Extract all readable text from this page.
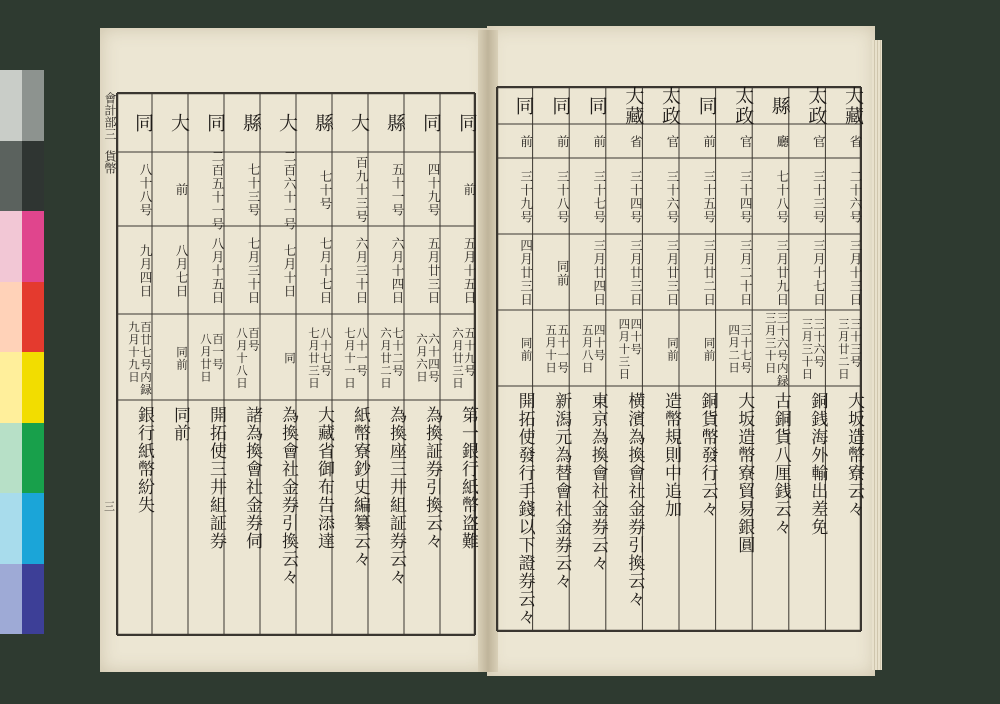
會計部三
貨幣
三
同
前
五月十五日
五十九号
六月廿三日
第一銀行紙幣盗難
同
四十九号
五月廿三日
六十四号
六月六日
為換証券引換云々
縣
五十一号
六月十四日
七十二号
六月廿二日
為換座三井組証券云々
大
百九十三号
六月三十日
八十一号
七月十一日
紙幣寮鈔史編纂云々
縣
七十号
七月十七日
八十七号
七月廿三日
大藏省御布告添達
大
二百六十一号
七月十日
同
為換會社金券引換云々
縣
七十三号
七月三十日
百号
八月十八日
諸為換會社金券伺
同
二百五十一号
八月十五日
百一号
八月廿日
開拓使三井組証券
大
前
八月七日
同前
同前
同
八十八号
九月四日
百廿七号内録
九月十九日
銀行紙幣紛失
大藏
省
二十六号
三月十三日
三十三号
三月廿二日
大坂造幣寮云々
太政
官
三十三号
三月十七日
三十六号
三月三十日
銅銭海外輸出差免
縣
廳
七十八号
三月廿九日
三十六号内録
三月三十日
古銅貨八厘銭云々
太政
官
三十四号
三月二十日
三十七号
四月二日
大坂造幣寮貿易銀圓
同
前
三十五号
三月廿二日
同前
銅貨幣發行云々
太政
官
三十六号
三月廿三日
同前
造幣規則中追加
大藏
省
三十四号
三月廿三日
四十号
四月十三日
横濱為換會社金券引換云々
同
前
三十七号
三月廿四日
四十号
五月八日
東京為換會社金券云々
同
前
三十八号
同前
五十一号
五月十日
新潟元為替會社金券云々
同
前
三十九号
四月廿三日
同前
開拓使發行手錢以下證券云々
